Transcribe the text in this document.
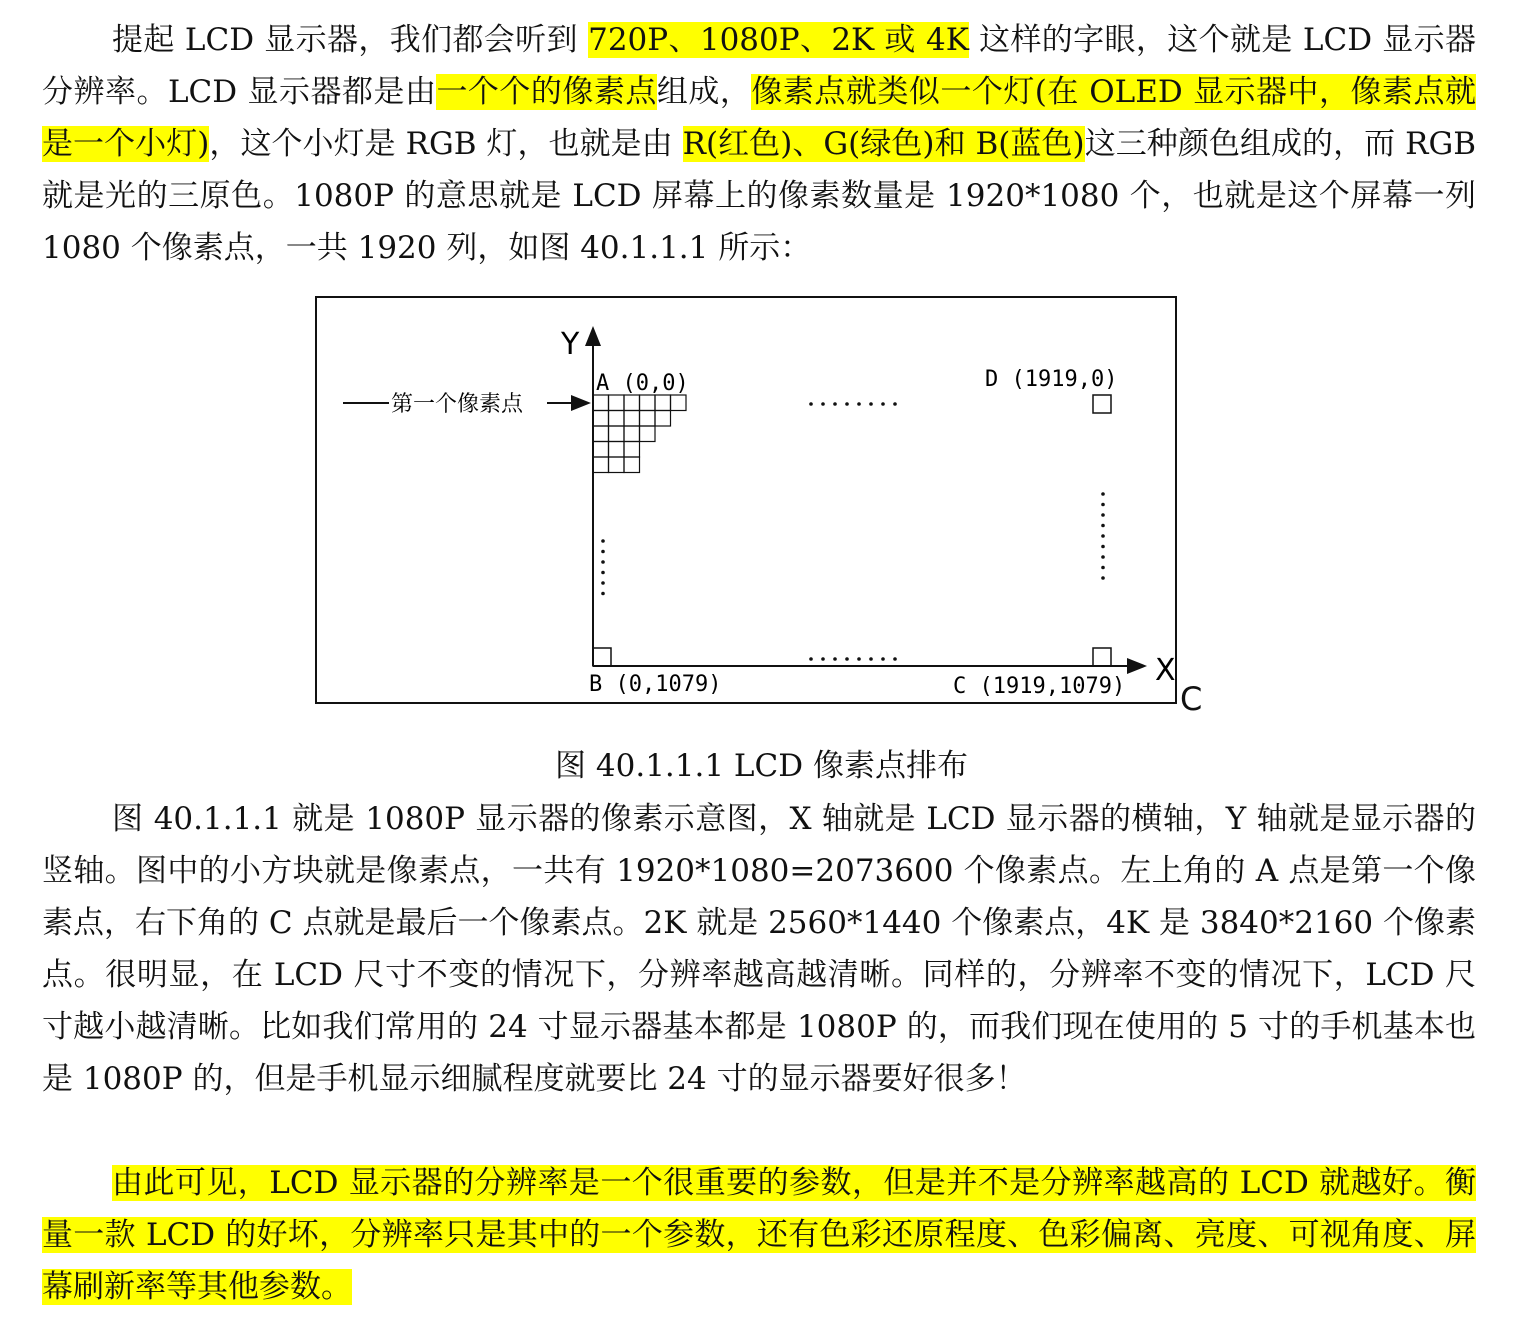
提起 LCD 显示器，我们都会听到 720P、1080P、2K 或 4K 这样的字眼，这个就是 LCD 显示器分辨率。LCD 显示器都是由一个个的像素点组成，像素点就类似一个灯(在 OLED 显示器中，像素点就是一个小灯)，这个小灯是 RGB 灯，也就是由 R(红色)、G(绿色)和 B(蓝色)这三种颜色组成的，而 RGB 就是光的三原色。1080P 的意思就是 LCD 屏幕上的像素数量是 1920*1080 个，也就是这个屏幕一列 1080 个像素点，一共 1920 列，如图 40.1.1.1 所示：

Y
X
第一个像素点
A (0,0)	D (1919,0)
B (0,1079)	C (1919,1079) C

图 40.1.1.1 LCD 像素点排布

图 40.1.1.1 就是 1080P 显示器的像素示意图，X 轴就是 LCD 显示器的横轴，Y 轴就是显示器的竖轴。图中的小方块就是像素点，一共有 1920*1080=2073600 个像素点。左上角的 A 点是第一个像素点，右下角的 C 点就是最后一个像素点。2K 就是 2560*1440 个像素点，4K 是 3840*2160 个像素点。很明显，在 LCD 尺寸不变的情况下，分辨率越高越清晰。同样的，分辨率不变的情况下，LCD 尺寸越小越清晰。比如我们常用的 24 寸显示器基本都是 1080P 的，而我们现在使用的 5 寸的手机基本也是 1080P 的，但是手机显示细腻程度就要比 24 寸的显示器要好很多！

由此可见，LCD 显示器的分辨率是一个很重要的参数，但是并不是分辨率越高的 LCD 就越好。衡量一款 LCD 的好坏，分辨率只是其中的一个参数，还有色彩还原程度、色彩偏离、亮度、可视角度、屏幕刷新率等其他参数。
